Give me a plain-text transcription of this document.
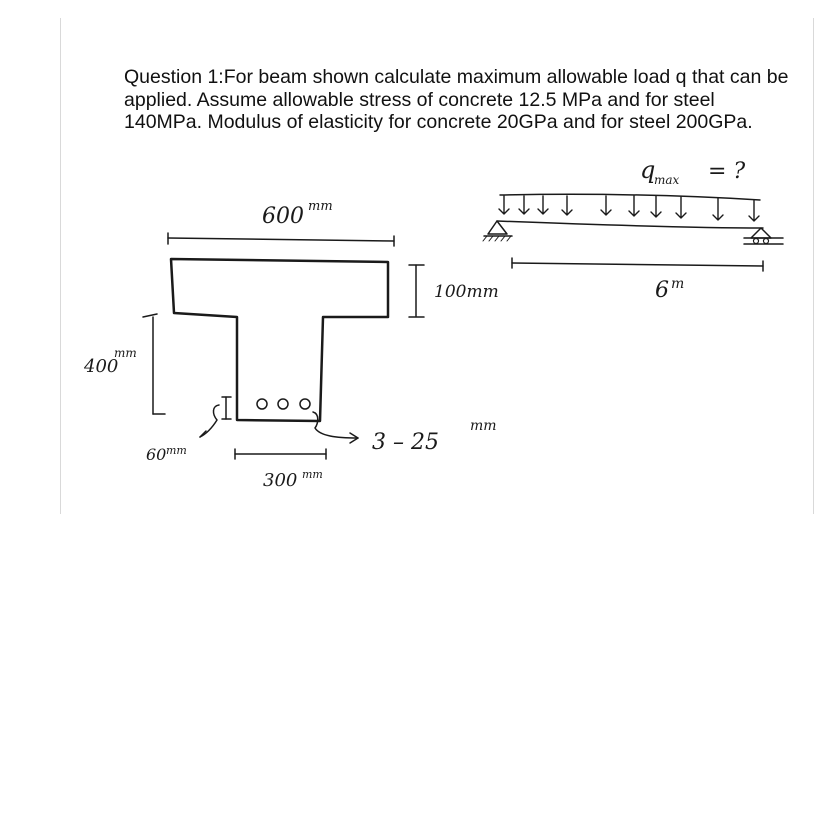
Question 1:For beam shown calculate maximum allowable load q that can be applied. Assume allowable stress of concrete 12.5 MPa and for steel 140MPa. Modulus of elasticity for concrete 20GPa and for steel 200GPa.

600 mm
100mm
400
mm
60 mm
300 mm
3 – 25
mm
q
max = ?
6 m
